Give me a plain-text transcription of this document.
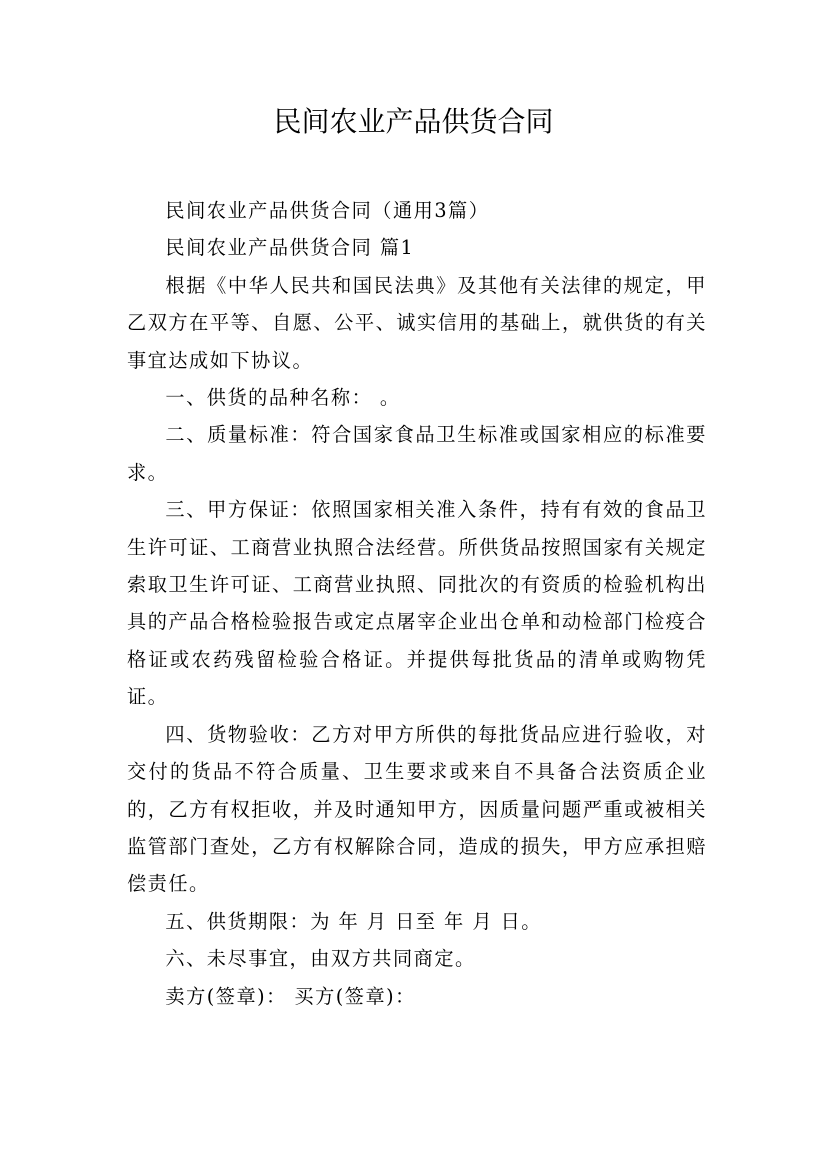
民间农业产品供货合同

民间农业产品供货合同（通用3篇）

民间农业产品供货合同 篇1

根据《中华人民共和国民法典》及其他有关法律的规定，甲乙双方在平等、自愿、公平、诚实信用的基础上，就供货的有关事宜达成如下协议。

一、供货的品种名称： 。

二、质量标准：符合国家食品卫生标准或国家相应的标准要求。

三、甲方保证：依照国家相关准入条件，持有有效的食品卫生许可证、工商营业执照合法经营。所供货品按照国家有关规定索取卫生许可证、工商营业执照、同批次的有资质的检验机构出具的产品合格检验报告或定点屠宰企业出仓单和动检部门检疫合格证或农药残留检验合格证。并提供每批货品的清单或购物凭证。

四、货物验收：乙方对甲方所供的每批货品应进行验收，对交付的货品不符合质量、卫生要求或来自不具备合法资质企业的，乙方有权拒收，并及时通知甲方，因质量问题严重或被相关监管部门查处，乙方有权解除合同，造成的损失，甲方应承担赔偿责任。

五、供货期限：为 年 月 日至 年 月 日。

六、未尽事宜，由双方共同商定。

卖方(签章)： 买方(签章)：
